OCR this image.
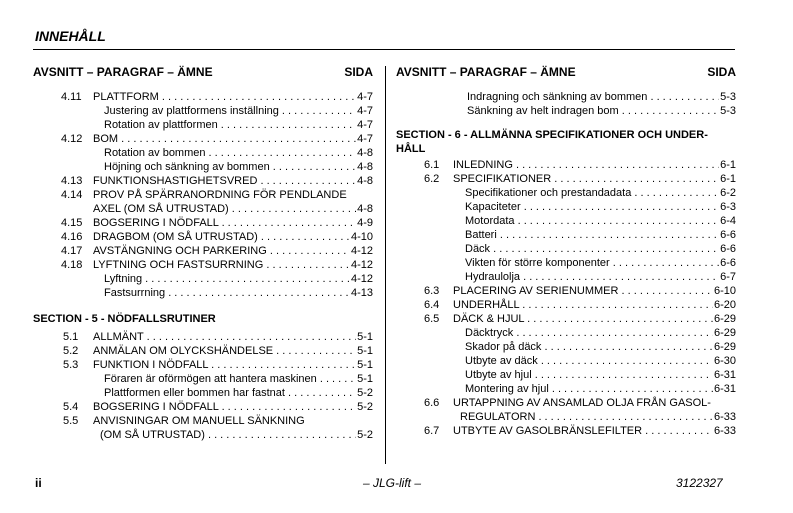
INNEHÅLL
AVSNITT – PARAGRAF – ÄMNE	SIDA
4.11 PLATTFORM . . .	4-7
Justering av plattformens inställning . . .	4-7
Rotation av plattformen . . .	4-7
4.12 BOM . . .	4-7
Rotation av bommen . . .	4-8
Höjning och sänkning av bommen . . .	4-8
4.13 FUNKTIONSHASTIGHETSVRED . . .	4-8
4.14 PROV PÅ SPÄRRANORDNING FÖR PENDLANDE
AXEL (OM SÅ UTRUSTAD) . . .	4-8
4.15 BOGSERING I NÖDFALL . . .	4-9
4.16 DRAGBOM (OM SÅ UTRUSTAD) . . .	4-10
4.17 AVSTÄNGNING OCH PARKERING . . .	4-12
4.18 LYFTNING OCH FASTSURRNING . . .	4-12
Lyftning . . .	4-12
Fastsurrning . . .	4-13
SECTION - 5 - NÖDFALLSRUTINER
5.1 ALLMÄNT . . .	5-1
5.2 ANMÄLAN OM OLYCKSHÄNDELSE . . .	5-1
5.3 FUNKTION I NÖDFALL . . .	5-1
Föraren är oförmögen att hantera maskinen . . .	5-1
Plattformen eller bommen har fastnat . . .	5-2
5.4 BOGSERING I NÖDFALL . . .	5-2
5.5 ANVISNINGAR OM MANUELL SÄNKNING
(OM SÅ UTRUSTAD) . . .	5-2
AVSNITT – PARAGRAF – ÄMNE	SIDA
Indragning och sänkning av bommen . . .	5-3
Sänkning av helt indragen bom . . .	5-3
SECTION - 6 - ALLMÄNNA SPECIFIKATIONER OCH UNDER-
HÅLL
6.1 INLEDNING . . .	6-1
6.2 SPECIFIKATIONER . . .	6-1
Specifikationer och prestandadata . . .	6-2
Kapaciteter . . .	6-3
Motordata . . .	6-4
Batteri . . .	6-6
Däck . . .	6-6
Vikten för större komponenter . . .	6-6
Hydraulolja . . .	6-7
6.3 PLACERING AV SERIENUMMER . . .	6-10
6.4 UNDERHÅLL . . .	6-20
6.5 DÄCK & HJUL . . .	6-29
Däcktryck . . .	6-29
Skador på däck . . .	6-29
Utbyte av däck . . .	6-30
Utbyte av hjul . . .	6-31
Montering av hjul . . .	6-31
6.6 URTAPPNING AV ANSAMLAD OLJA FRÅN GASOL-
REGULATORN . . .	6-33
6.7 UTBYTE AV GASOLBRÄNSLEFILTER . . .	6-33
ii	– JLG-lift –	3122327
